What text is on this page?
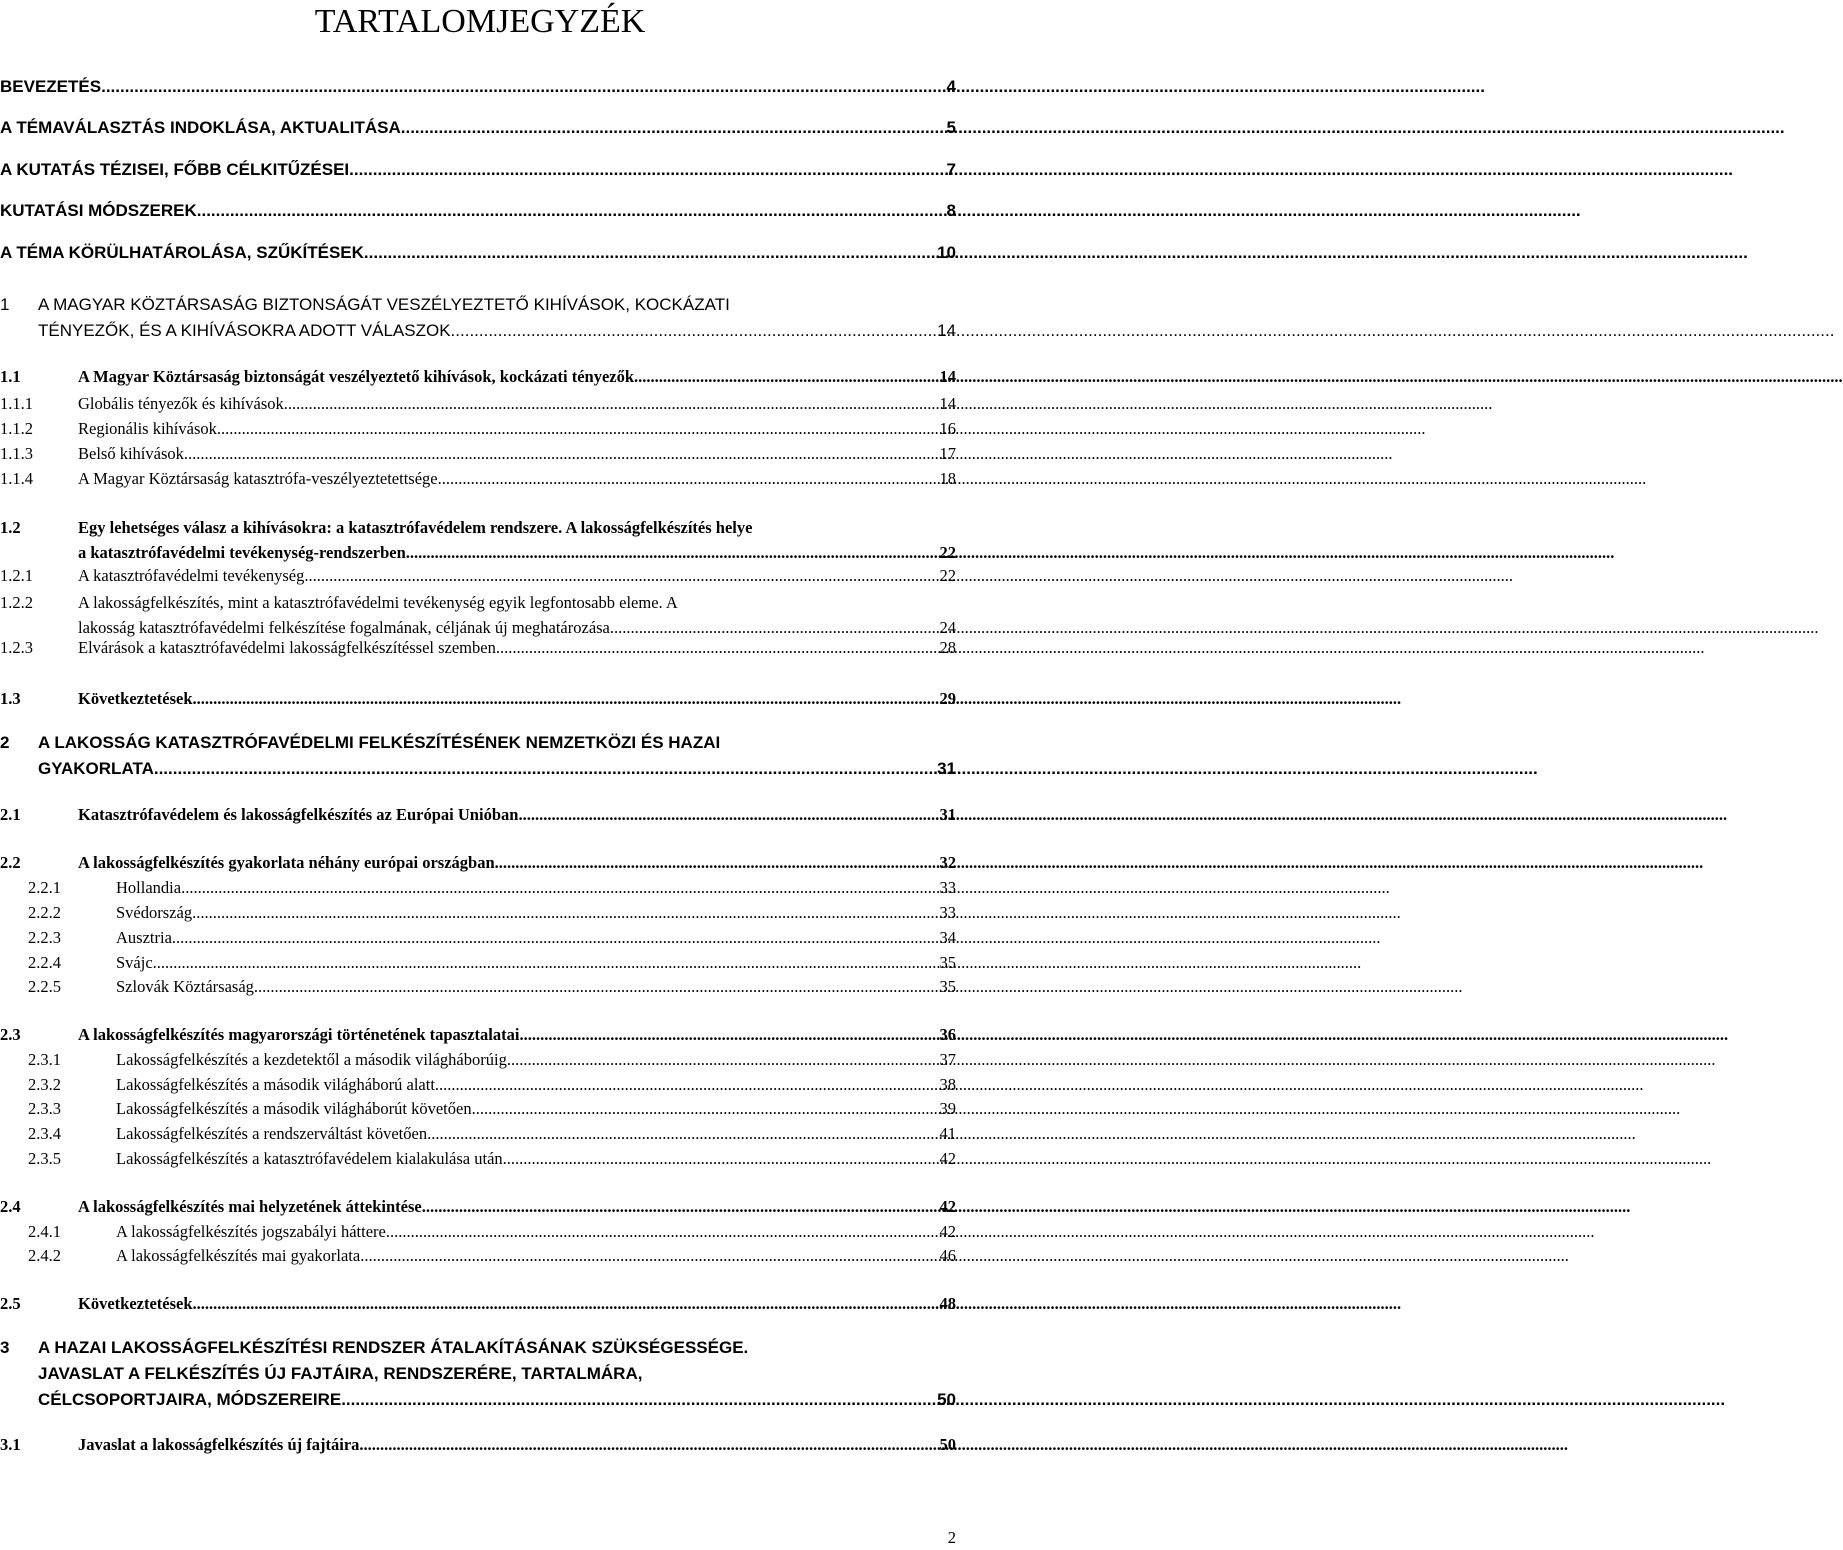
TARTALOMJEGYZÉK
BEVEZETÉS .....	4
A TÉMAVÁLASZTÁS INDOKLÁSA, AKTUALITÁSA .....	5
A KUTATÁS TÉZISEI, FŐBB CÉLKITŰZÉSEI .....	7
KUTATÁSI MÓDSZEREK .....	8
A TÉMA KÖRÜLHATÁROLÁSA, SZŰKÍTÉSEK .....	10
1 A MAGYAR KÖZTÁRSASÁG BIZTONSÁGÁT VESZÉLYEZTETŐ KIHÍVÁSOK, KOCKÁZATI
TÉNYEZŐK, ÉS A KIHÍVÁSOKRA ADOTT VÁLASZOK .....	14
1.1	A Magyar Köztársaság biztonságát veszélyeztető kihívások, kockázati tényezők .....	14
1.1.1	Globális tényezők és kihívások .....	14
1.1.2	Regionális kihívások .....	16
1.1.3	Belső kihívások .....	17
1.1.4	A Magyar Köztársaság katasztrófa-veszélyeztetettsége .....	18
1.2	Egy lehetséges válasz a kihívásokra: a katasztrófavédelem rendszere. A lakosságfelkészítés helye
a katasztrófavédelmi tevékenység-rendszerben .....	22
1.2.1	A katasztrófavédelmi tevékenység .....	22
1.2.2	A lakosságfelkészítés, mint a katasztrófavédelmi tevékenység egyik legfontosabb eleme. A
lakosság katasztrófavédelmi felkészítése fogalmának, céljának új meghatározása .....	24
1.2.3	Elvárások a katasztrófavédelmi lakosságfelkészítéssel szemben .....	28
1.3	Következtetések .....	29
2 A LAKOSSÁG KATASZTRÓFAVÉDELMI FELKÉSZÍTÉSÉNEK NEMZETKÖZI ÉS HAZAI
GYAKORLATA .....	31
2.1	Katasztrófavédelem és lakosságfelkészítés az Európai Unióban .....	31
2.2	A lakosságfelkészítés gyakorlata néhány európai országban .....	32
2.2.1	Hollandia .....	33
2.2.2	Svédország .....	33
2.2.3	Ausztria .....	34
2.2.4	Svájc .....	35
2.2.5	Szlovák Köztársaság .....	35
2.3	A lakosságfelkészítés magyarországi történetének tapasztalatai .....	36
2.3.1	Lakosságfelkészítés a kezdetektől a második világháborúig .....	37
2.3.2	Lakosságfelkészítés a második világháború alatt .....	38
2.3.3	Lakosságfelkészítés a második világháborút követően .....	39
2.3.4	Lakosságfelkészítés a rendszerváltást követően .....	41
2.3.5	Lakosságfelkészítés a katasztrófavédelem kialakulása után .....	42
2.4	A lakosságfelkészítés mai helyzetének áttekintése .....	42
2.4.1	A lakosságfelkészítés jogszabályi háttere .....	42
2.4.2	A lakosságfelkészítés mai gyakorlata .....	46
2.5	Következtetések .....	48
3 A HAZAI LAKOSSÁGFELKÉSZÍTÉSI RENDSZER ÁTALAKÍTÁSÁNAK SZÜKSÉGESSÉGE.
JAVASLAT A FELKÉSZÍTÉS ÚJ FAJTÁIRA, RENDSZERÉRE, TARTALMÁRA,
CÉLCSOPORTJAIRA, MÓDSZEREIRE .....	50
3.1	Javaslat a lakosságfelkészítés új fajtáira .....	50
2
